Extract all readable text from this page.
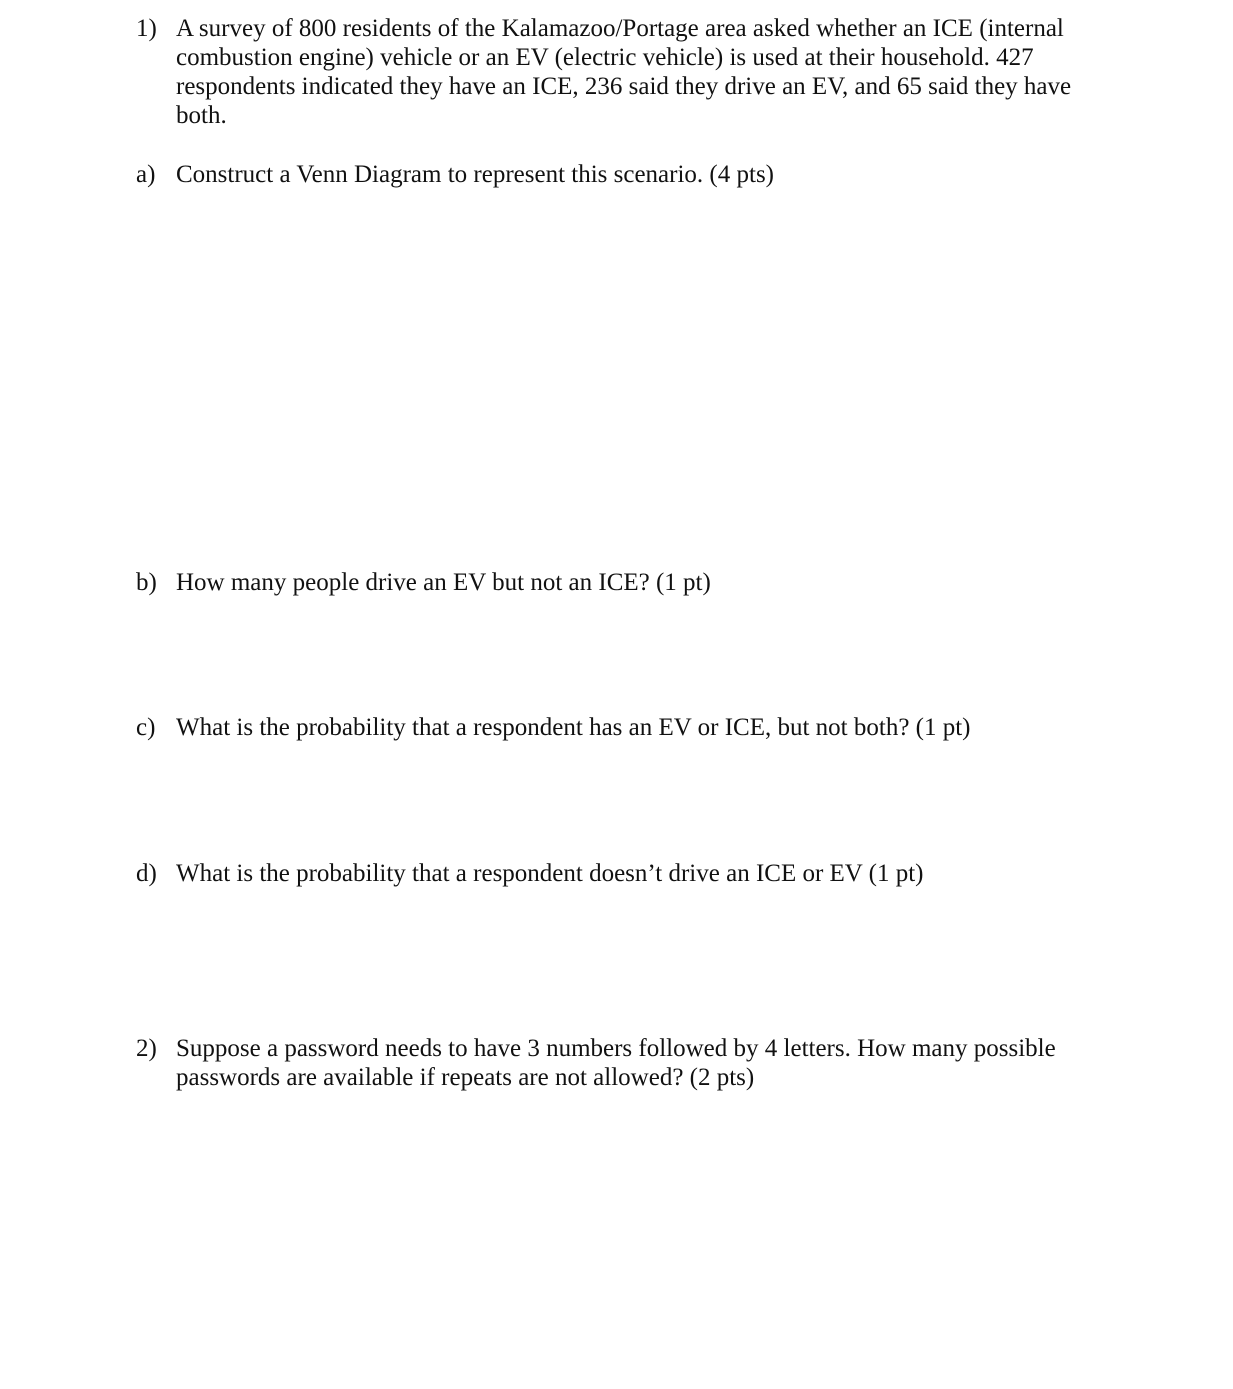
1) A survey of 800 residents of the Kalamazoo/Portage area asked whether an ICE (internal
combustion engine) vehicle or an EV (electric vehicle) is used at their household. 427
respondents indicated they have an ICE, 236 said they drive an EV, and 65 said they have
both.
a) Construct a Venn Diagram to represent this scenario. (4 pts)
b) How many people drive an EV but not an ICE? (1 pt)
c) What is the probability that a respondent has an EV or ICE, but not both? (1 pt)
d) What is the probability that a respondent doesn’t drive an ICE or EV (1 pt)
2) Suppose a password needs to have 3 numbers followed by 4 letters. How many possible
passwords are available if repeats are not allowed? (2 pts)
